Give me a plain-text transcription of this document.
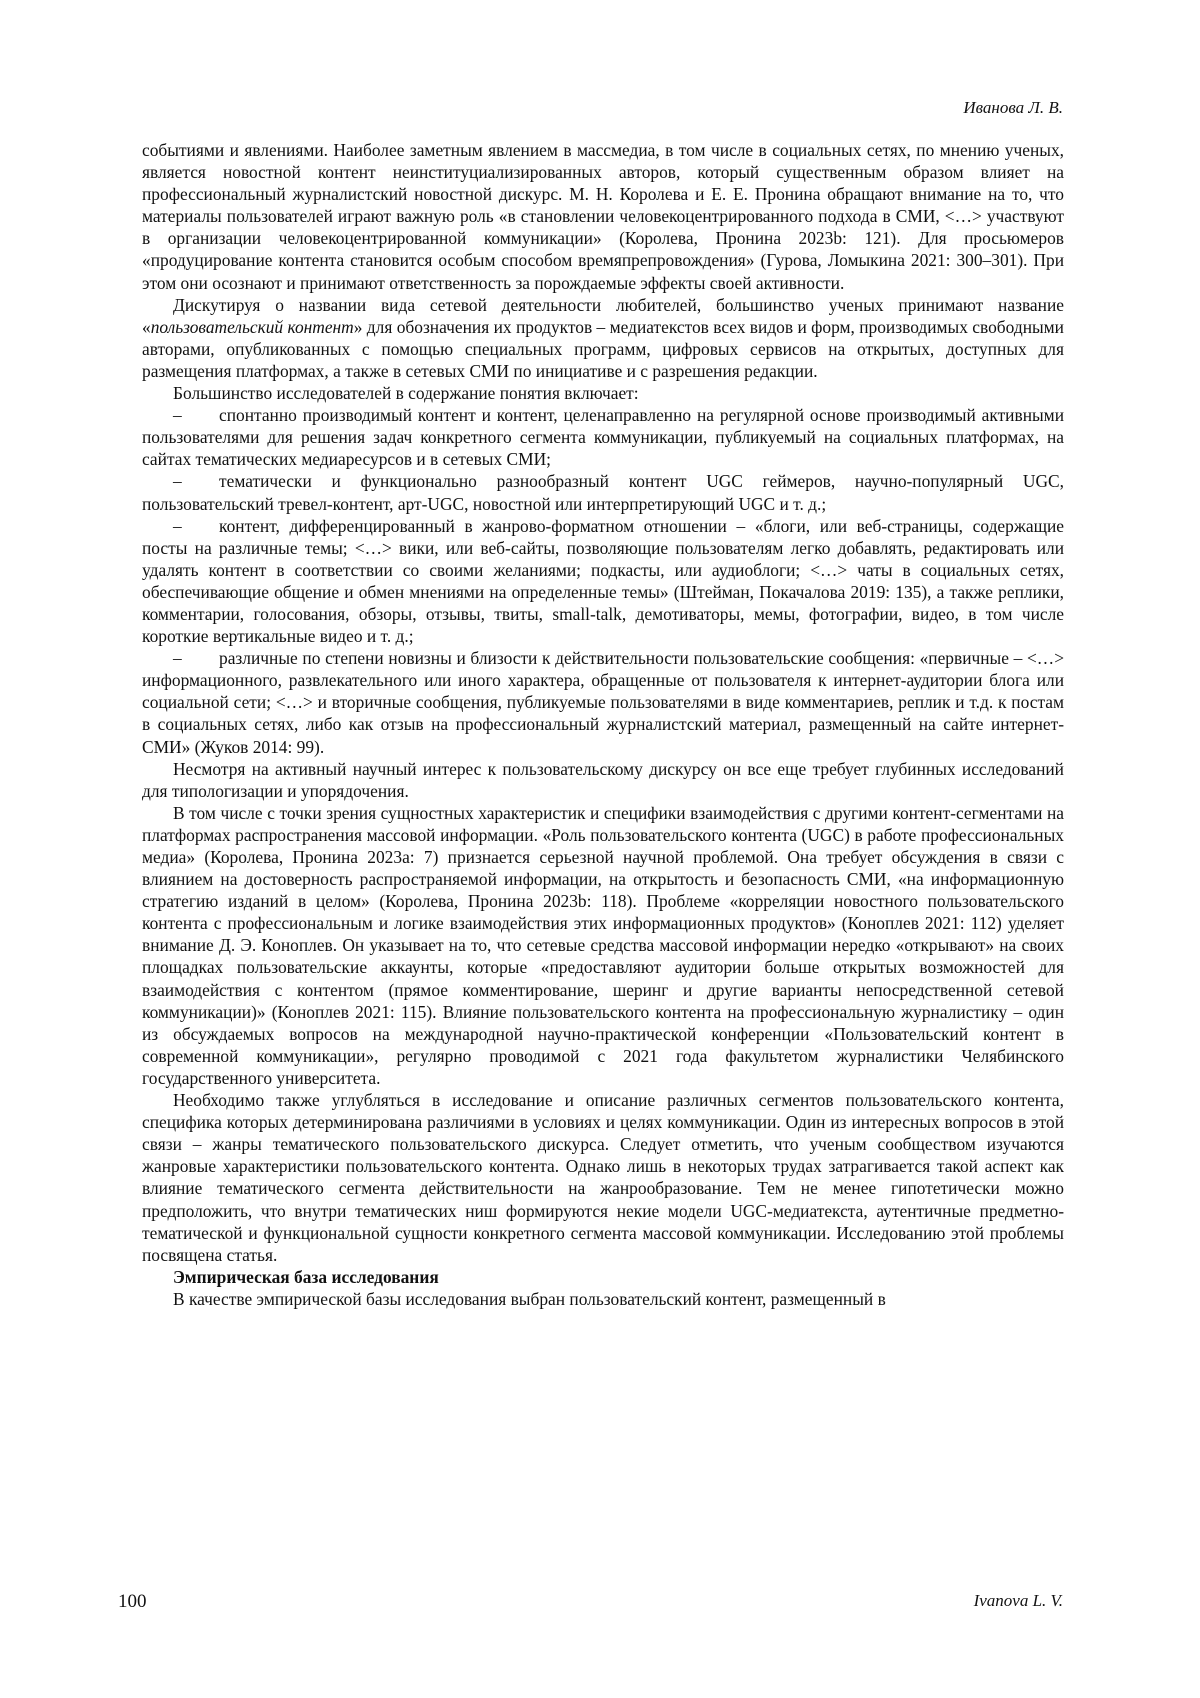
Иванова Л. В.

событиями и явлениями. Наиболее заметным явлением в массмедиа, в том числе в социальных сетях, по мнению ученых, является новостной контент неинституциализированных авторов, который существенным образом влияет на профессиональный журналистский новостной дискурс. М. Н. Королева и Е. Е. Пронина обращают внимание на то, что материалы пользователей играют важную роль «в становлении человекоцентрированного подхода в СМИ, <…> участвуют в организации человекоцентрированной коммуникации» (Королева, Пронина 2023b: 121). Для просьюмеров «продуцирование контента становится особым способом времяпрепровождения» (Гурова, Ломыкина 2021: 300–301). При этом они осознают и принимают ответственность за порождаемые эффекты своей активности.

Дискутируя о названии вида сетевой деятельности любителей, большинство ученых принимают название «пользовательский контент» для обозначения их продуктов – медиатекстов всех видов и форм, производимых свободными авторами, опубликованных с помощью специальных программ, цифровых сервисов на открытых, доступных для размещения платформах, а также в сетевых СМИ по инициативе и с разрешения редакции.

Большинство исследователей в содержание понятия включает:

– спонтанно производимый контент и контент, целенаправленно на регулярной основе производимый активными пользователями для решения задач конкретного сегмента коммуникации, публикуемый на социальных платформах, на сайтах тематических медиаресурсов и в сетевых СМИ;

– тематически и функционально разнообразный контент UGC геймеров, научно-популярный UGC, пользовательский тревел-контент, арт-UGC, новостной или интерпретирующий UGC и т. д.;

– контент, дифференцированный в жанрово-форматном отношении – «блоги, или веб-страницы, содержащие посты на различные темы; <…> вики, или веб-сайты, позволяющие пользователям легко добавлять, редактировать или удалять контент в соответствии со своими желаниями; подкасты, или аудиоблоги; <…> чаты в социальных сетях, обеспечивающие общение и обмен мнениями на определенные темы» (Штейман, Покачалова 2019: 135), а также реплики, комментарии, голосования, обзоры, отзывы, твиты, small-talk, демотиваторы, мемы, фотографии, видео, в том числе короткие вертикальные видео и т. д.;

– различные по степени новизны и близости к действительности пользовательские сообщения: «первичные – <…> информационного, развлекательного или иного характера, обращенные от пользователя к интернет-аудитории блога или социальной сети; <…> и вторичные сообщения, публикуемые пользователями в виде комментариев, реплик и т.д. к постам в социальных сетях, либо как отзыв на профессиональный журналистский материал, размещенный на сайте интернет-СМИ» (Жуков 2014: 99).

Несмотря на активный научный интерес к пользовательскому дискурсу он все еще требует глубинных исследований для типологизации и упорядочения.

В том числе с точки зрения сущностных характеристик и специфики взаимодействия с другими контент-сегментами на платформах распространения массовой информации. «Роль пользовательского контента (UGC) в работе профессиональных медиа» (Королева, Пронина 2023a: 7) признается серьезной научной проблемой. Она требует обсуждения в связи с влиянием на достоверность распространяемой информации, на открытость и безопасность СМИ, «на информационную стратегию изданий в целом» (Королева, Пронина 2023b: 118). Проблеме «корреляции новостного пользовательского контента с профессиональным и логике взаимодействия этих информационных продуктов» (Коноплев 2021: 112) уделяет внимание Д. Э. Коноплев. Он указывает на то, что сетевые средства массовой информации нередко «открывают» на своих площадках пользовательские аккаунты, которые «предоставляют аудитории больше открытых возможностей для взаимодействия с контентом (прямое комментирование, шеринг и другие варианты непосредственной сетевой коммуникации)» (Коноплев 2021: 115). Влияние пользовательского контента на профессиональную журналистику – один из обсуждаемых вопросов на международной научно-практической конференции «Пользовательский контент в современной коммуникации», регулярно проводимой с 2021 года факультетом журналистики Челябинского государственного университета.

Необходимо также углубляться в исследование и описание различных сегментов пользовательского контента, специфика которых детерминирована различиями в условиях и целях коммуникации. Один из интересных вопросов в этой связи – жанры тематического пользовательского дискурса. Следует отметить, что ученым сообществом изучаются жанровые характеристики пользовательского контента. Однако лишь в некоторых трудах затрагивается такой аспект как влияние тематического сегмента действительности на жанрообразование. Тем не менее гипотетически можно предположить, что внутри тематических ниш формируются некие модели UGC-медиатекста, аутентичные предметно-тематической и функциональной сущности конкретного сегмента массовой коммуникации. Исследованию этой проблемы посвящена статья.

Эмпирическая база исследования

В качестве эмпирической базы исследования выбран пользовательский контент, размещенный в

100	Ivanova L. V.
